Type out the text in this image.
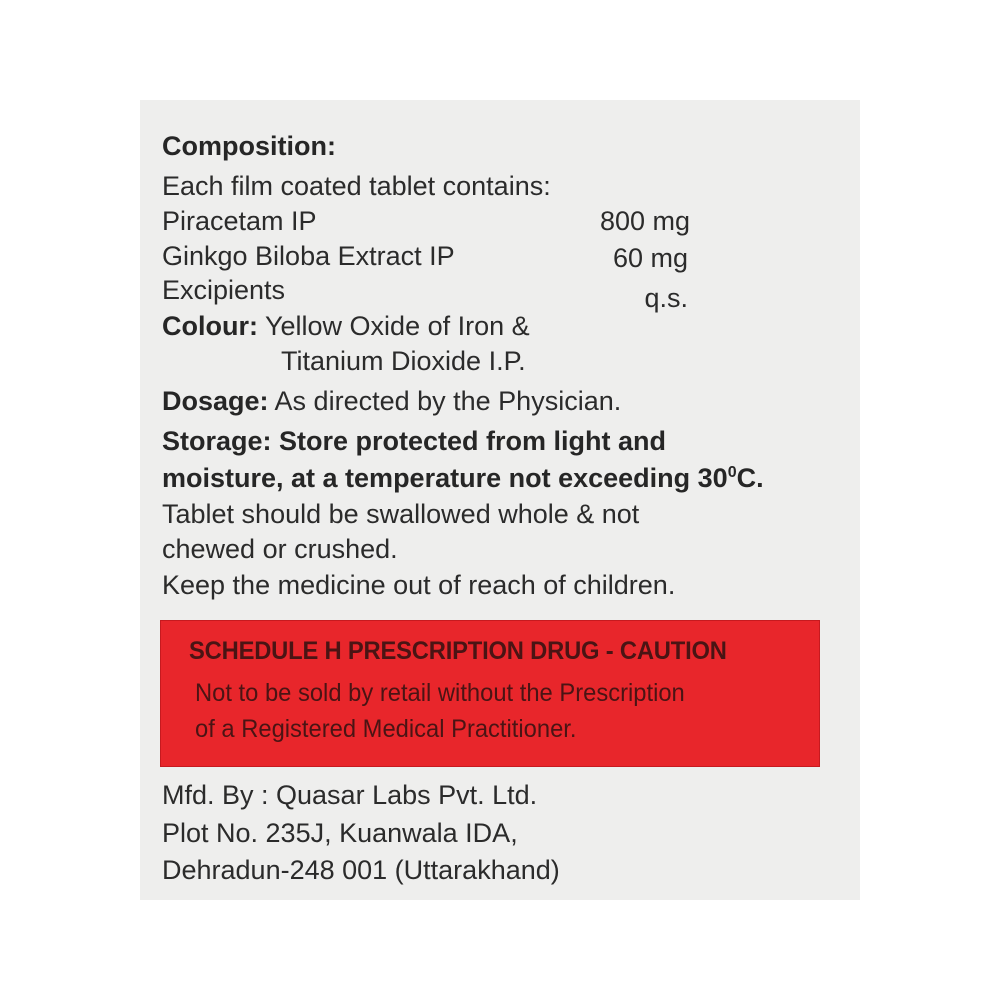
Composition:
Each film coated tablet contains:
Piracetam IP	800 mg
Ginkgo Biloba Extract IP	60 mg
Excipients	q.s.
Colour: Yellow Oxide of Iron &
Titanium Dioxide I.P.
Dosage: As directed by the Physician.
Storage: Store protected from light and
moisture, at a temperature not exceeding $30^0C$.
Tablet should be swallowed whole & not
chewed or crushed.
Keep the medicine out of reach of children.
SCHEDULE H PRESCRIPTION DRUG - CAUTION
Not to be sold by retail without the Prescription
of a Registered Medical Practitioner.
Mfd. By : Quasar Labs Pvt. Ltd.
Plot No. 235J, Kuanwala IDA,
Dehradun-248 001 (Uttarakhand)
